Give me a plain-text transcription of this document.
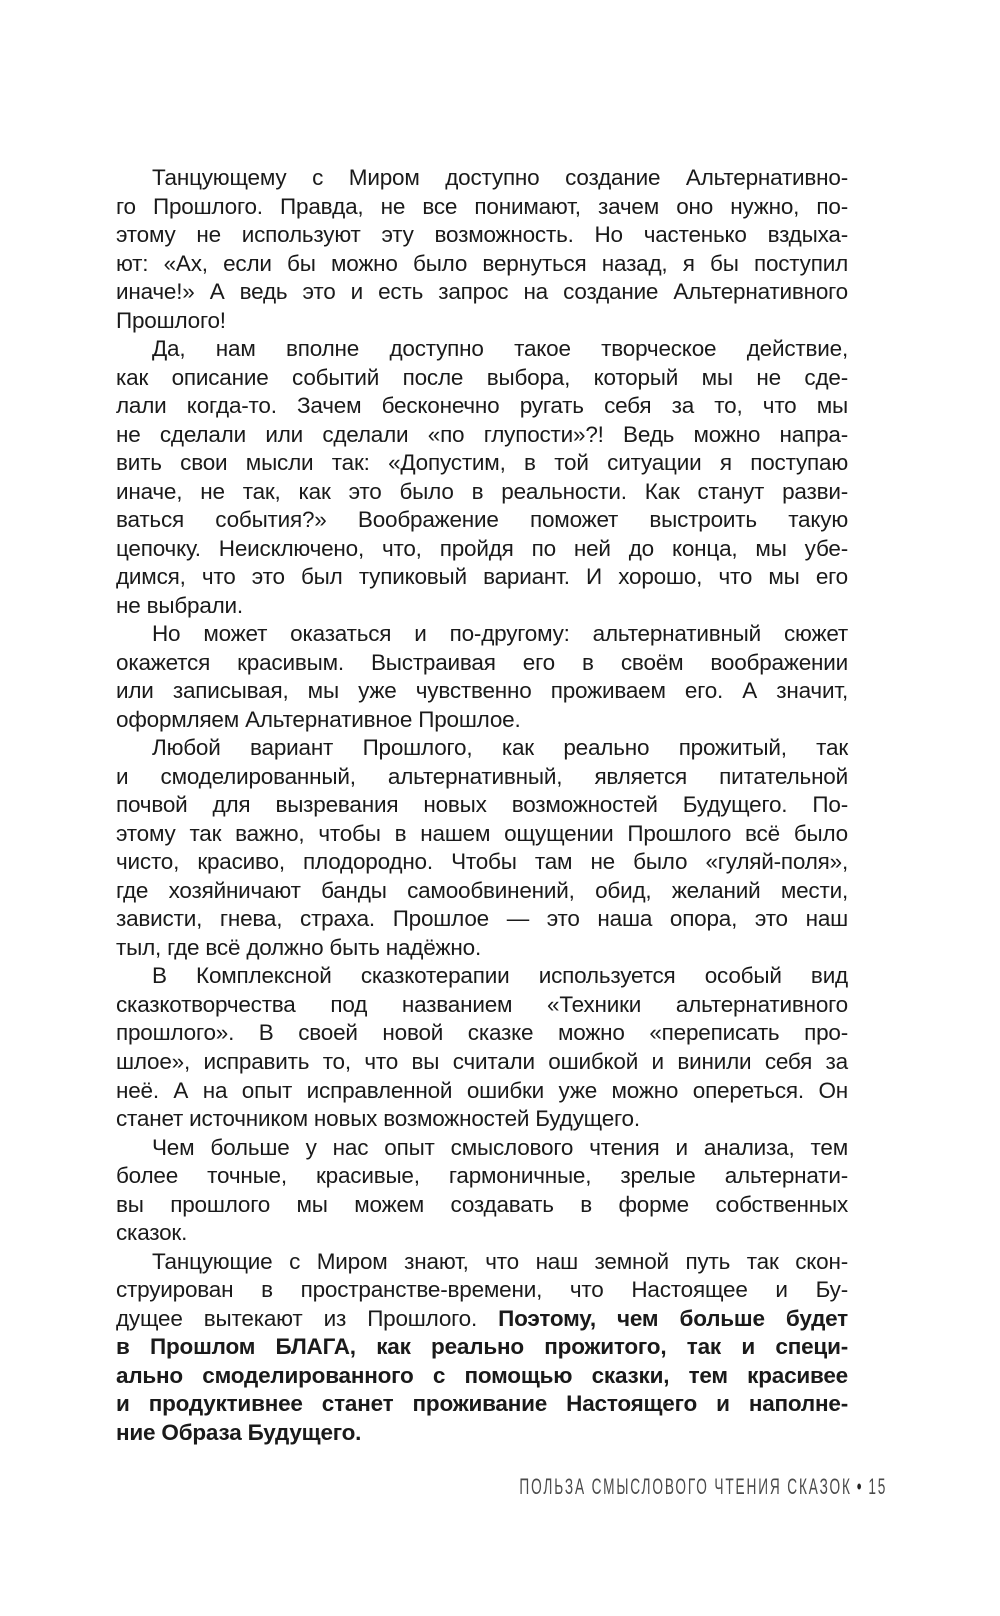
Танцующему с Миром доступно создание Альтернативно-
го Прошлого. Правда, не все понимают, зачем оно нужно, по-
этому не используют эту возможность. Но частенько вздыха-
ют: «Ах, если бы можно было вернуться назад, я бы поступил
иначе!» А ведь это и есть запрос на создание Альтернативного
Прошлого!
Да, нам вполне доступно такое творческое действие,
как описание событий после выбора, который мы не сде-
лали когда-то. Зачем бесконечно ругать себя за то, что мы
не сделали или сделали «по глупости»?! Ведь можно напра-
вить свои мысли так: «Допустим, в той ситуации я поступаю
иначе, не так, как это было в реальности. Как станут разви-
ваться события?» Воображение поможет выстроить такую
цепочку. Неисключено, что, пройдя по ней до конца, мы убе-
димся, что это был тупиковый вариант. И хорошо, что мы его
не выбрали.
Но может оказаться и по-другому: альтернативный сюжет
окажется красивым. Выстраивая его в своём воображении
или записывая, мы уже чувственно проживаем его. А значит,
оформляем Альтернативное Прошлое.
Любой вариант Прошлого, как реально прожитый, так
и смоделированный, альтернативный, является питательной
почвой для вызревания новых возможностей Будущего. По-
этому так важно, чтобы в нашем ощущении Прошлого всё было
чисто, красиво, плодородно. Чтобы там не было «гуляй-поля»,
где хозяйничают банды самообвинений, обид, желаний мести,
зависти, гнева, страха. Прошлое — это наша опора, это наш
тыл, где всё должно быть надёжно.
В Комплексной сказкотерапии используется особый вид
сказкотворчества под названием «Техники альтернативного
прошлого». В своей новой сказке можно «переписать про-
шлое», исправить то, что вы считали ошибкой и винили себя за
неё. А на опыт исправленной ошибки уже можно опереться. Он
станет источником новых возможностей Будущего.
Чем больше у нас опыт смыслового чтения и анализа, тем
более точные, красивые, гармоничные, зрелые альтернати-
вы прошлого мы можем создавать в форме собственных
сказок.
Танцующие с Миром знают, что наш земной путь так скон-
струирован в пространстве-времени, что Настоящее и Бу-
дущее вытекают из Прошлого. Поэтому, чем больше будет
в Прошлом БЛАГА, как реально прожитого, так и специ-
ально смоделированного с помощью сказки, тем красивее
и продуктивнее станет проживание Настоящего и наполне-
ние Образа Будущего.
ПОЛЬЗА СМЫСЛОВОГО ЧТЕНИЯ СКАЗОК • 15
